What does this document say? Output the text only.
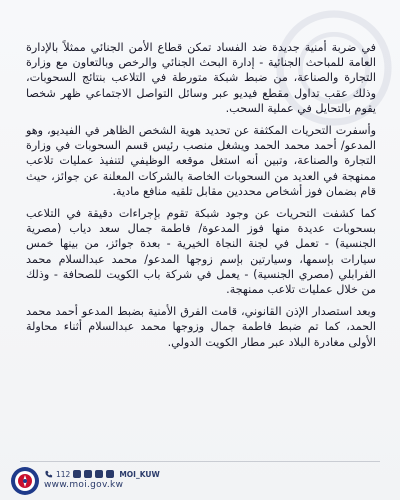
في ضربة أمنية جديدة ضد الفساد تمكن قطاع الأمن الجنائي ممثلاً بالإدارة العامة للمباحث الجنائية - إدارة البحث الجنائي والرخص وبالتعاون مع وزارة التجارة والصناعة، من ضبط شبكة متورطة في التلاعب بنتائج السحوبات، وذلك عقب تداول مقطع فيديو عبر وسائل التواصل الاجتماعي ظهر شخصا يقوم بالتحايل في عملية السحب.

وأسفرت التحريات المكثفة عن تحديد هوية الشخص الظاهر في الفيديو، وهو المدعو/ أحمد محمد الحمد ويشغل منصب رئيس قسم السحوبات في وزارة التجارة والصناعة، وتبين أنه استغل موقعه الوظيفي لتنفيذ عمليات تلاعب ممنهجة في العديد من السحوبات الخاصة بالشركات المعلنة عن جوائز، حيث قام بضمان فوز أشخاص محددين مقابل تلقيه منافع مادية.

كما كشفت التحريات عن وجود شبكة تقوم بإجراءات دقيقة في التلاعب بسحوبات عديدة منها فوز المدعوة/ فاطمة جمال سعد دياب (مصرية الجنسية) - تعمل في لجنة النجاة الخيرية - بعدة جوائز، من بينها خمس سيارات بإسمها، وسيارتين بإسم زوجها المدعو/ محمد عبدالسلام محمد الفرابلي (مصري الجنسية) - يعمل في شركة باب الكويت للصحافة - وذلك من خلال عمليات تلاعب ممنهجة.

وبعد استصدار الإذن القانوني، قامت الفرق الأمنية بضبط المدعو أحمد محمد الحمد، كما تم ضبط فاطمة جمال وزوجها محمد عبدالسلام أثناء محاولة الأولى مغادرة البلاد عبر مطار الكويت الدولي.

112	MOI_KUW
www.moi.gov.kw
